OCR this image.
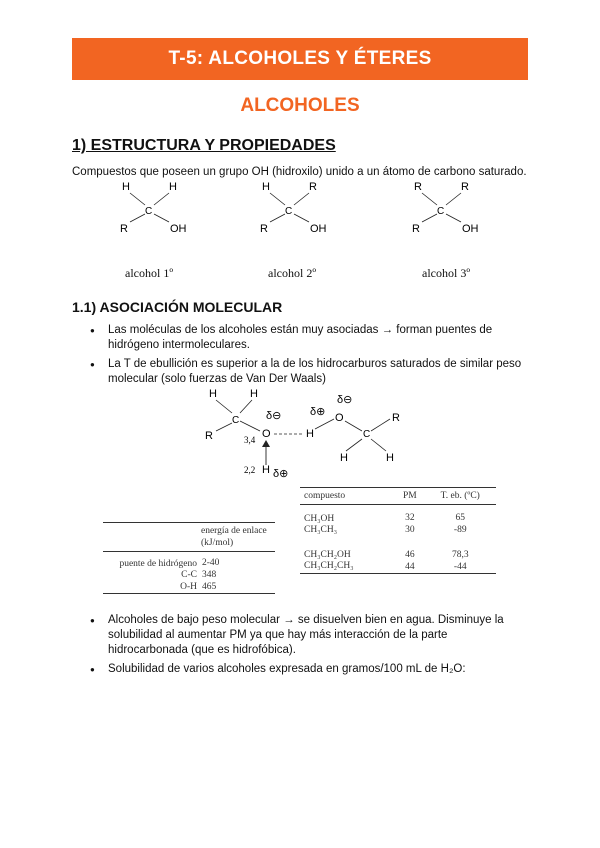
T-5: ALCOHOLES Y ÉTERES
ALCOHOLES
1) ESTRUCTURA Y PROPIEDADES
Compuestos que poseen un grupo OH (hidroxilo) unido a un átomo de carbono saturado.
H	H
C
R	OH
alcohol 1º
H	R
C
R	OH
alcohol 2º
R	R
C
R	OH
alcohol 3º
1.1) ASOCIACIÓN MOLECULAR
● Las moléculas de los alcoholes están muy asociadas → forman puentes de hidrógeno intermoleculares.
● La T de ebullición es superior a la de los hidrocarburos saturados de similar peso molecular (solo fuerzas de Van Der Waals)
H	H
C
R	O
δ⊖
3,4	H
δ⊕ O
δ⊖
C
R
H	H
H
2,2 δ⊕
compuesto	PM	T. eb. (ºC)
CH₃OH	32	65
CH₃CH₃	30	-89
CH₃CH₂OH	46	78,3
CH₃CH₂CH₃	44	-44
	energía de enlace (kJ/mol)
puente de hidrógeno	2-40
C-C	348
O-H	465
● Alcoholes de bajo peso molecular → se disuelven bien en agua. Disminuye la solubilidad al aumentar PM ya que hay más interacción de la parte hidrocarbonada (que es hidrofóbica).
● Solubilidad de varios alcoholes expresada en gramos/100 mL de H₂O:
